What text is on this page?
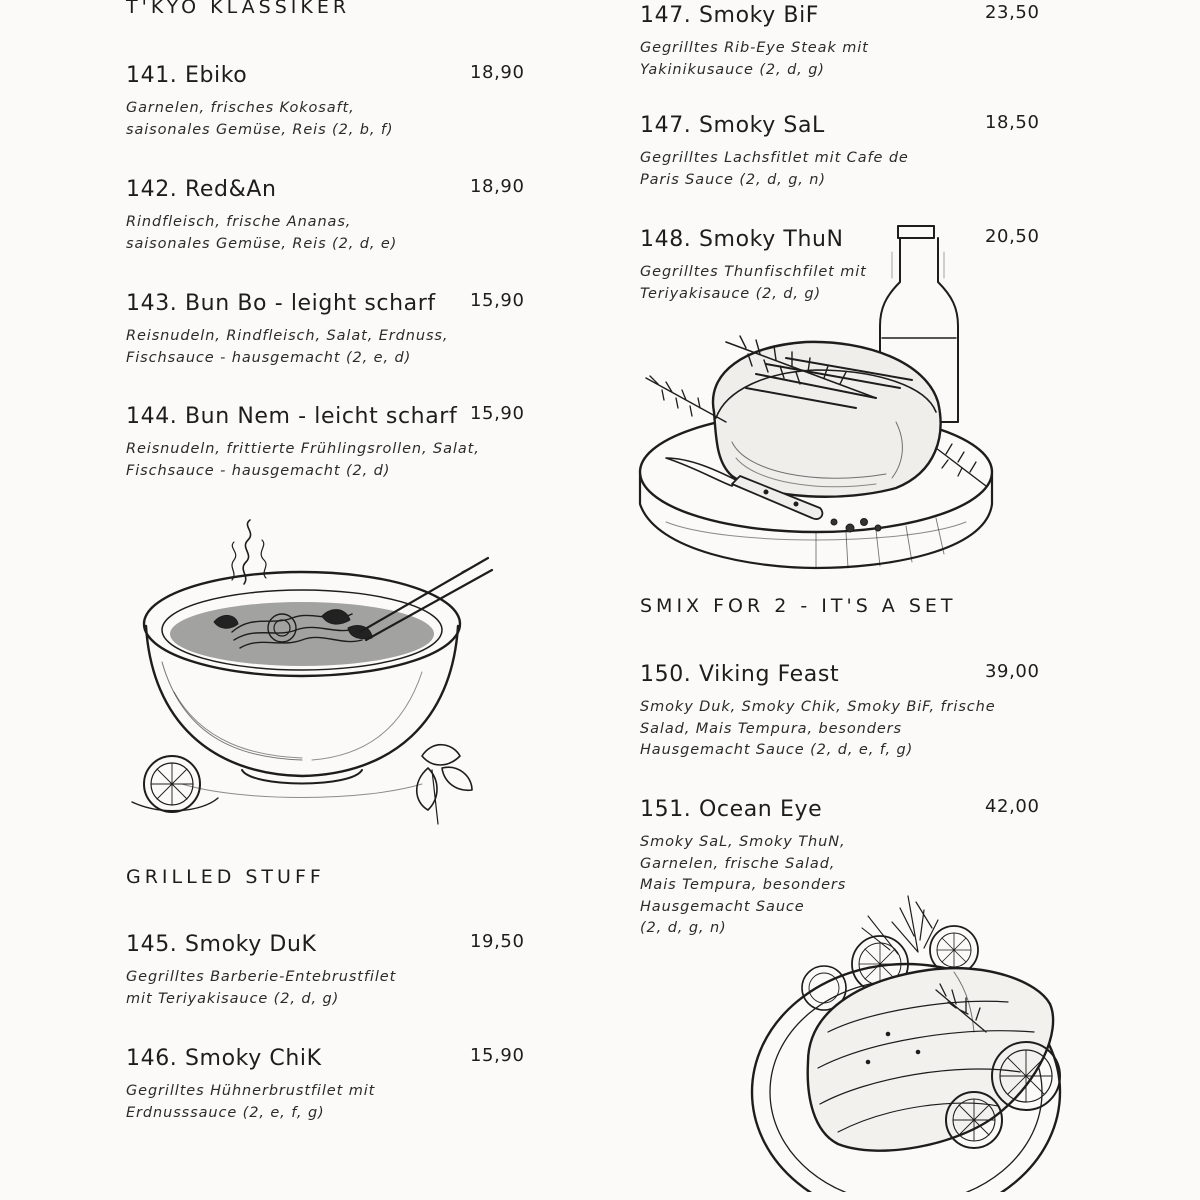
T'KYO KLASSIKER
141. Ebiko
Garnelen, frisches Kokosaft,
saisonales Gemüse, Reis (2, b, f)
18,90
142. Red&An
Rindfleisch, frische Ananas,
saisonales Gemüse, Reis (2, d, e)
18,90
143. Bun Bo - leight scharf
Reisnudeln, Rindfleisch, Salat, Erdnuss,
Fischsauce - hausgemacht (2, e, d)
15,90
144. Bun Nem - leicht scharf
Reisnudeln, frittierte Frühlingsrollen, Salat,
Fischsauce - hausgemacht (2, d)
15,90
GRILLED STUFF
145. Smoky DuK
Gegrilltes Barberie-Entebrustfilet
mit Teriyakisauce (2, d, g)
19,50
146. Smoky ChiK
Gegrilltes Hühnerbrustfilet mit
Erdnusssauce (2, e, f, g)
15,90
147. Smoky BiF
Gegrilltes Rib-Eye Steak mit
Yakinikusauce (2, d, g)
23,50
147. Smoky SaL
Gegrilltes Lachsfitlet mit Cafe de
Paris Sauce (2, d, g, n)
18,50
148. Smoky ThuN
Gegrilltes Thunfischfilet mit
Teriyakisauce (2, d, g)
20,50
SMIX FOR 2 - IT'S A SET
150. Viking Feast
Smoky Duk, Smoky Chik, Smoky BiF, frische
Salad, Mais Tempura, besonders
Hausgemacht Sauce (2, d, e, f, g)
39,00
151. Ocean Eye
Smoky SaL, Smoky ThuN,
Garnelen, frische Salad,
Mais Tempura, besonders
Hausgemacht Sauce
(2, d, g, n)
42,00
